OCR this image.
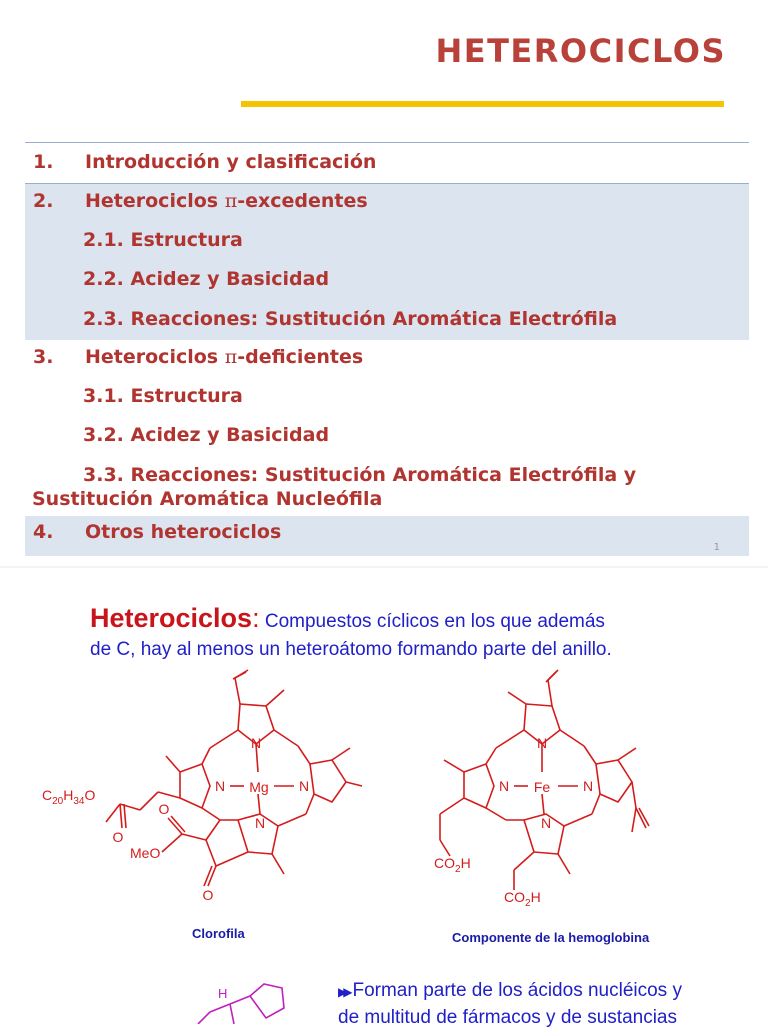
HETEROCICLOS
1. Introducción y clasificación
2. Heterociclos π-excedentes
2.1. Estructura
2.2. Acidez y Basicidad
2.3. Reacciones: Sustitución Aromática Electrófila
3. Heterociclos π-deficientes
3.1. Estructura
3.2. Acidez y Basicidad
3.3. Reacciones: Sustitución Aromática Electrófila y
Sustitución Aromática Nucleófila
4. Otros heterociclos
1
Heterociclos: Compuestos cíclicos en los que además
de C, hay al menos un heteroátomo formando parte del anillo.
N
N	N
N
Mg
$C_{20}H_{34}O$
O
O
MeO
O
Clorofila
N
N	N
N
Fe
$CO_2H$
$CO_2H$
Componente de la hemoglobina
H	▶▶ Forman parte de los ácidos nucléicos y
de multitud de fármacos y de sustancias
